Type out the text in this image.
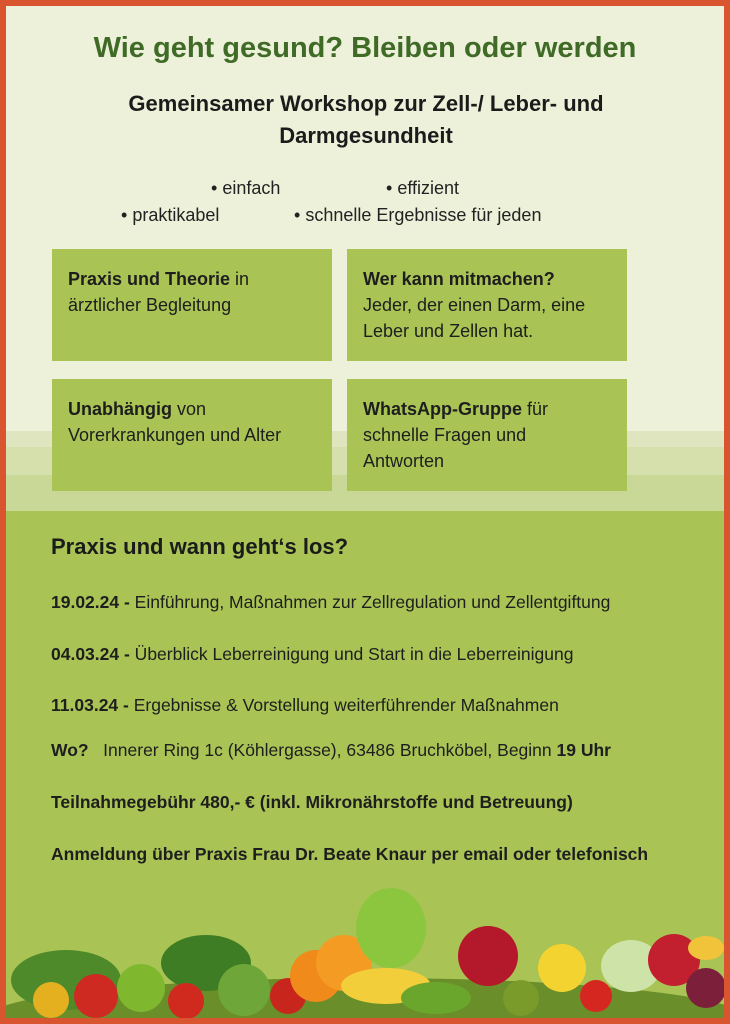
Wie geht gesund? Bleiben oder werden
Gemeinsamer Workshop zur Zell-/ Leber- und Darmgesundheit
• einfach	• effizient
• praktikabel	• schnelle Ergebnisse für jeden
Praxis und Theorie in ärztlicher Begleitung
Wer kann mitmachen?
Jeder, der einen Darm, eine Leber und Zellen hat.
Unabhängig von Vorerkrankungen und Alter
WhatsApp-Gruppe für schnelle Fragen und Antworten
Praxis und wann geht‘s los?
19.02.24 - Einführung, Maßnahmen zur Zellregulation und Zellentgiftung
04.03.24 - Überblick Leberreinigung und Start in die Leberreinigung
11.03.24 - Ergebnisse & Vorstellung weiterführender Maßnahmen
Wo?   Innerer Ring 1c (Köhlergasse), 63486 Bruchköbel, Beginn 19 Uhr
Teilnahmegebühr 480,- € (inkl. Mikronährstoffe und Betreuung)
Anmeldung über Praxis Frau Dr. Beate Knaur per email oder telefonisch
